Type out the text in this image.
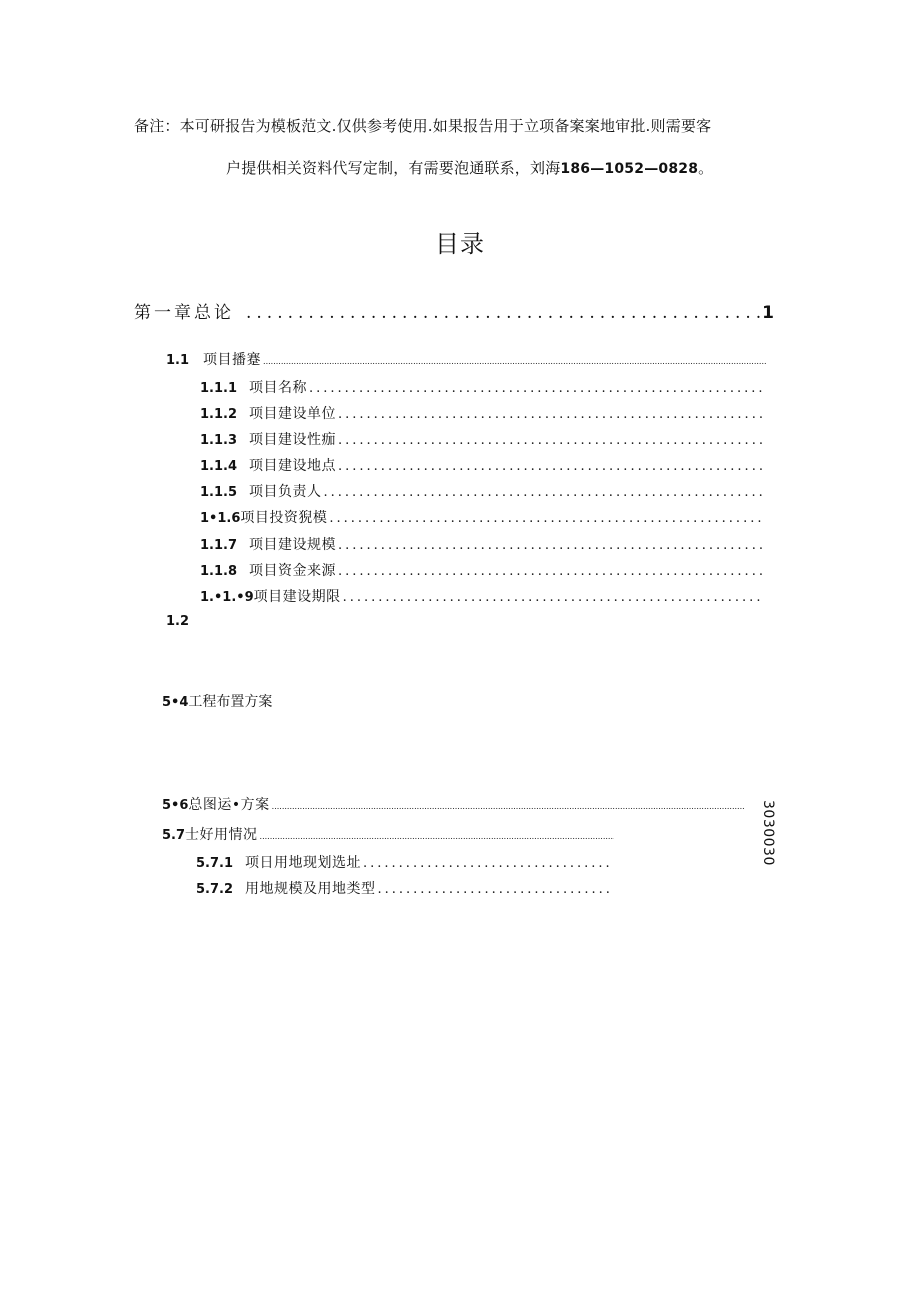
备注：本可研报告为模板范文.仅供参考使用.如果报告用于立项备案案地审批.则需要客
户提供相关资料代写定制，有需要泡通联系，刘海186—1052—0828。
目录
第一章总论
.....	1
1.1 项目播蹇
.....
1.1.1 项目名称
.....
1.1.2 项目建设单位
.....
1.1.3 项目建设性痂
.....
1.1.4 项目建设地点
.....
1.1.5 项目负责人
.....
1•1.6 项目投资猊模
.....
1.1.7 项目建设规模
.....
1.1.8 项目资金来源
.....
1.•1.•9 项目建设期限
.....
1.2
5•4工程布置方案
5•6 总图运•方案
.....
5.7 士好用情况
.....
5.7.1 项日用地现划选址
.....
5.7.2 用地规模及用地类型
.....
3030030
